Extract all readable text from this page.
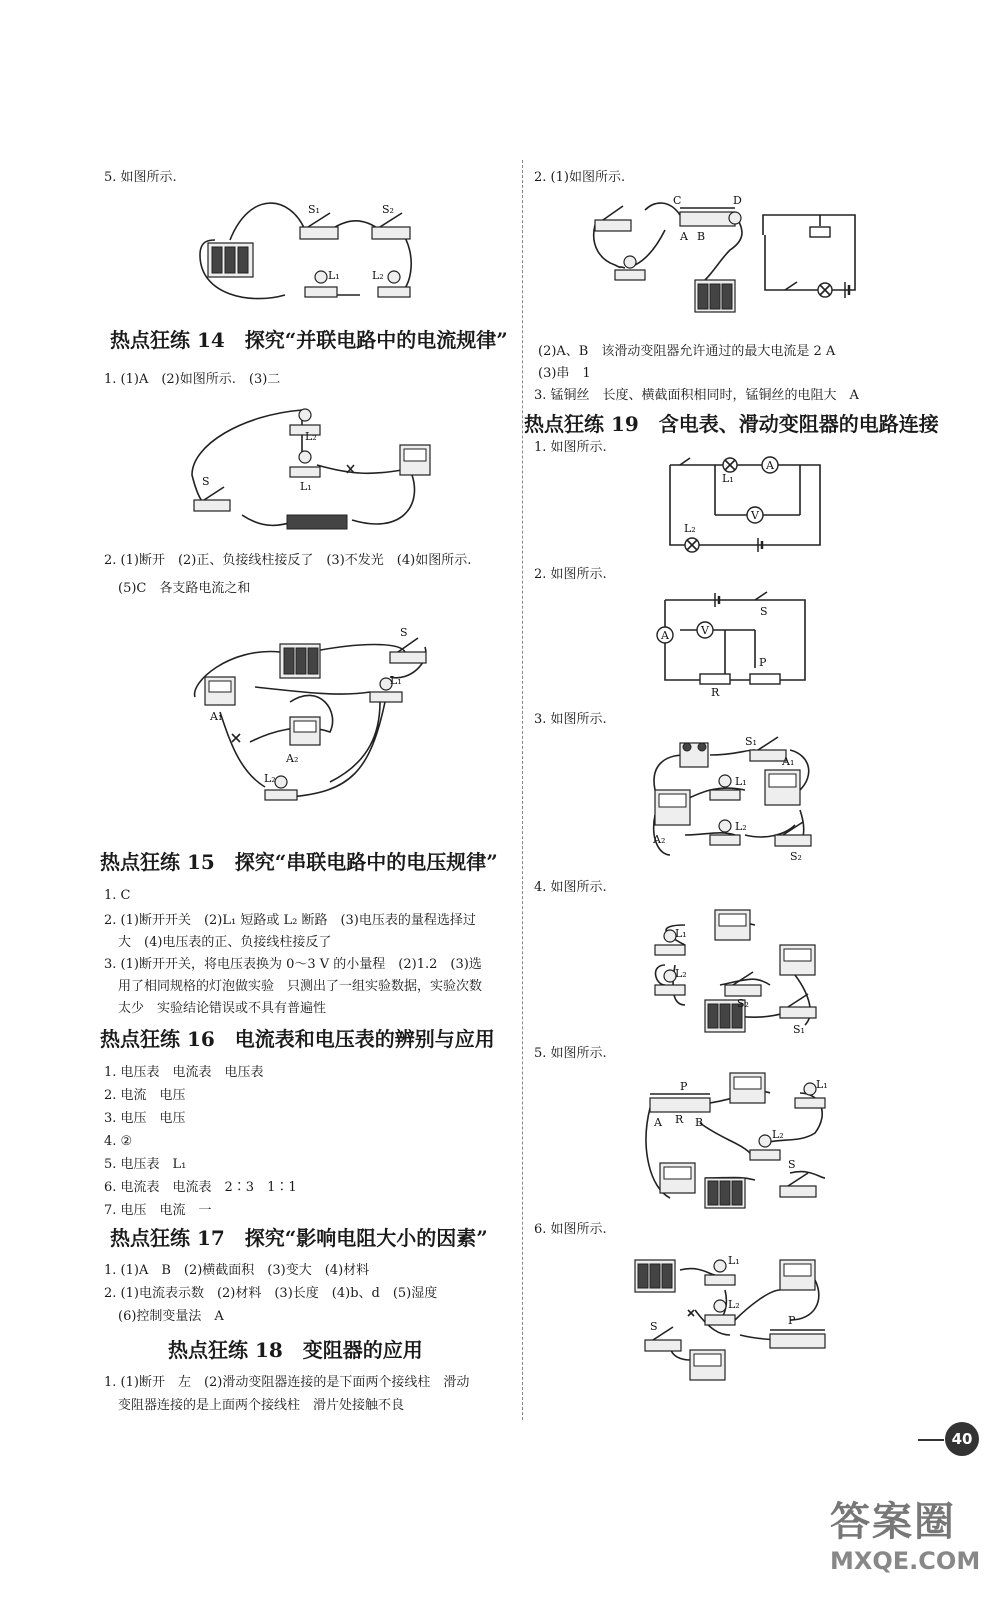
5. 如图所示.
S₁	S₂
L₁	L₂
热点狂练 14　探究“并联电路中的电流规律”
1. (1)A　(2)如图所示.　(3)二
L₂
L₁
S
2. (1)断开　(2)正、负接线柱接反了　(3)不发光　(4)如图所示.
(5)C　各支路电流之和
S
L₁
A₁
A₂
L₂
热点狂练 15　探究“串联电路中的电压规律”
1. C
2. (1)断开开关　(2)L₁ 短路或 L₂ 断路　(3)电压表的量程选择过
大　(4)电压表的正、负接线柱接反了
3. (1)断开开关，将电压表换为 0～3 V 的小量程　(2)1.2　(3)选
用了相同规格的灯泡做实验　只测出了一组实验数据，实验次数
太少　实验结论错误或不具有普遍性
热点狂练 16　电流表和电压表的辨别与应用
1. 电压表　电流表　电压表
2. 电流　电压
3. 电压　电压
4. ②
5. 电压表　L₁
6. 电流表　电流表　2∶3　1∶1
7. 电压　电流　一
热点狂练 17　探究“影响电阻大小的因素”
1. (1)A　B　(2)横截面积　(3)变大　(4)材料
2. (1)电流表示数　(2)材料　(3)长度　(4)b、d　(5)湿度
(6)控制变量法　A
热点狂练 18　变阻器的应用
1. (1)断开　左　(2)滑动变阻器连接的是下面两个接线柱　滑动
变阻器连接的是上面两个接线柱　滑片处接触不良
2. (1)如图所示.
C	D
A B
(2)A、B　该滑动变阻器允许通过的最大电流是 2 A
(3)串　1
3. 锰铜丝　长度、横截面积相同时，锰铜丝的电阻大　A
热点狂练 19　含电表、滑动变阻器的电路连接
1. 如图所示.
A
V
L₁
L₂
2. 如图所示.
A	V
S
P
R
3. 如图所示.
S₁
A₁
L₁
L₂
A₂
S₂
4. 如图所示.
L₁
L₂
S₂
S₁
5. 如图所示.
P
A R B
L₁
L₂
S
6. 如图所示.
L₁
L₂
S	P
40
答案圈
MXQE.COM
